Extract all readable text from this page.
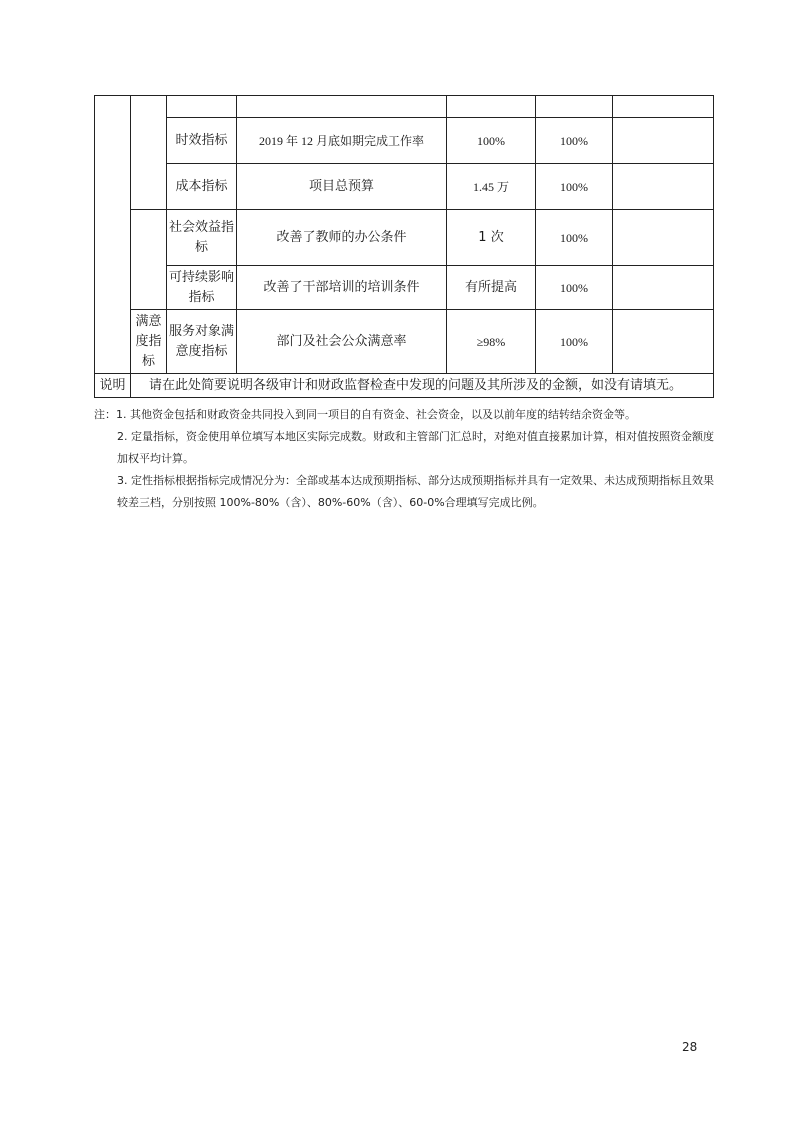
		时效指标	2019 年 12 月底如期完成工作率	100%	100%	
		成本指标	项目总预算	1.45 万	100%	
		社会效益指标	改善了教师的办公条件	1 次	100%	
		可持续影响指标	改善了干部培训的培训条件	有所提高	100%	
	满意度指标	服务对象满意度指标	部门及社会公众满意率	≥98%	100%	
说明	请在此处简要说明各级审计和财政监督检查中发现的问题及其所涉及的金额，如没有请填无。					

注：1. 其他资金包括和财政资金共同投入到同一项目的自有资金、社会资金，以及以前年度的结转结余资金等。

2. 定量指标，资金使用单位填写本地区实际完成数。财政和主管部门汇总时，对绝对值直接累加计算，相对值按照资金额度加权平均计算。

3. 定性指标根据指标完成情况分为：全部或基本达成预期指标、部分达成预期指标并具有一定效果、未达成预期指标且效果较差三档，分别按照 100%-80%（含）、80%-60%（含）、60-0%合理填写完成比例。

28
